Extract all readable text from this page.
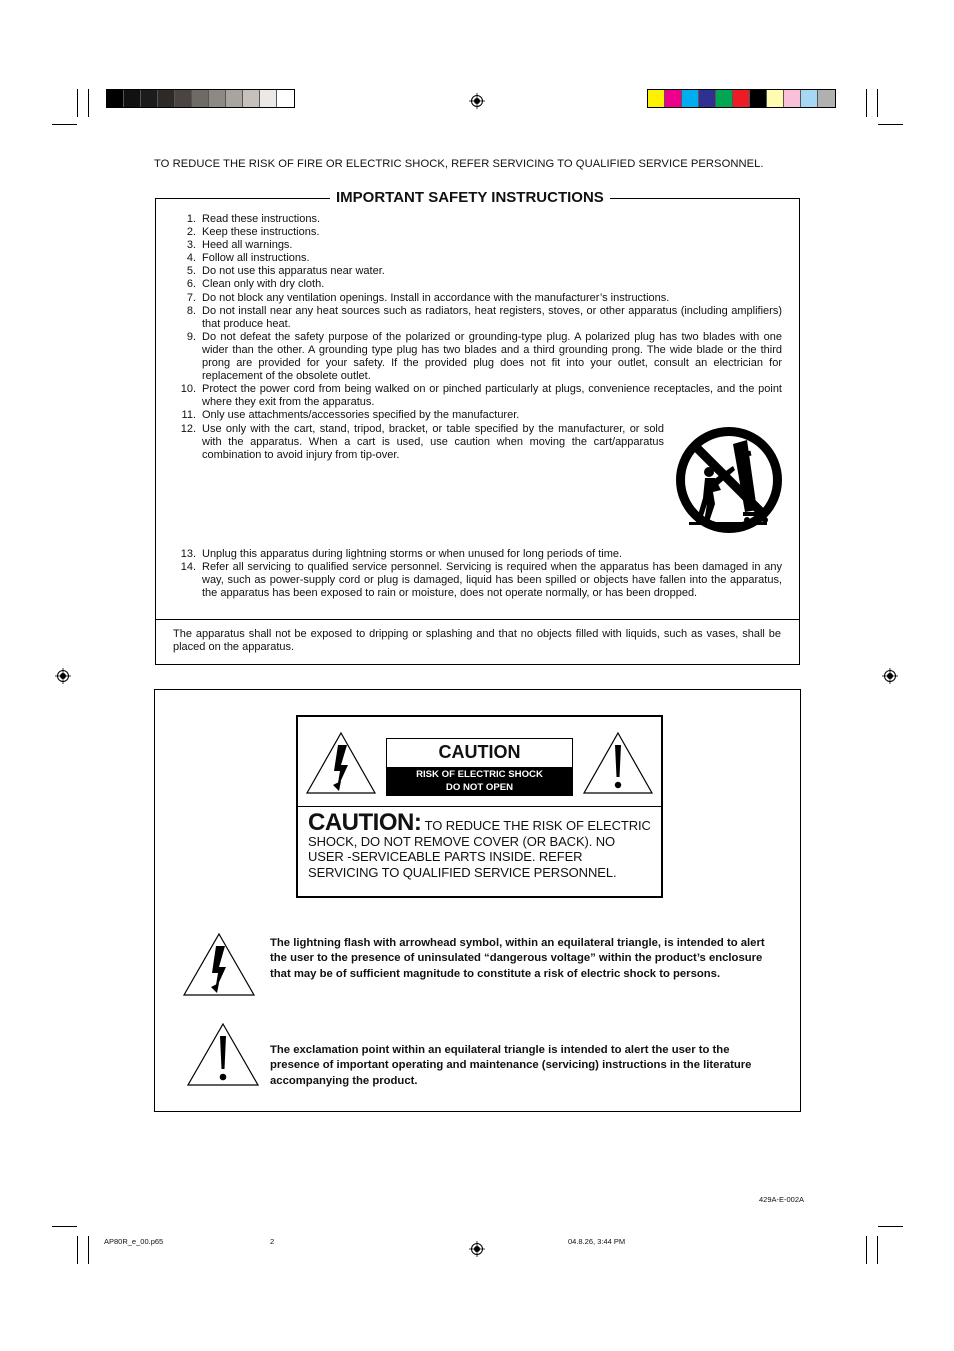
TO REDUCE THE RISK OF FIRE OR ELECTRIC SHOCK, REFER SERVICING TO QUALIFIED SERVICE PERSONNEL.
IMPORTANT SAFETY INSTRUCTIONS
1. Read these instructions.
2. Keep these instructions.
3. Heed all warnings.
4. Follow all instructions.
5. Do not use this apparatus near water.
6. Clean only with dry cloth.
7. Do not block any ventilation openings. Install in accordance with the manufacturer’s instructions.
8. Do not install near any heat sources such as radiators, heat registers, stoves, or other apparatus (including amplifiers) that produce heat.
9. Do not defeat the safety purpose of the polarized or grounding-type plug. A polarized plug has two blades with one wider than the other. A grounding type plug has two blades and a third grounding prong. The wide blade or the third prong are provided for your safety. If the provided plug does not fit into your outlet, consult an electrician for replacement of the obsolete outlet.
10. Protect the power cord from being walked on or pinched particularly at plugs, convenience receptacles, and the point where they exit from the apparatus.
11. Only use attachments/accessories specified by the manufacturer.
12. Use only with the cart, stand, tripod, bracket, or table specified by the manufacturer, or sold with the apparatus. When a cart is used, use caution when moving the cart/apparatus combination to avoid injury from tip-over.
13. Unplug this apparatus during lightning storms or when unused for long periods of time.
14. Refer all servicing to qualified service personnel. Servicing is required when the apparatus has been damaged in any way, such as power-supply cord or plug is damaged, liquid has been spilled or objects have fallen into the apparatus, the apparatus has been exposed to rain or moisture, does not operate normally, or has been dropped.
The apparatus shall not be exposed to dripping or splashing and that no objects filled with liquids, such as vases, shall be placed on the apparatus.
CAUTION
RISK OF ELECTRIC SHOCK
DO NOT OPEN
CAUTION: TO REDUCE THE RISK OF ELECTRIC SHOCK, DO NOT REMOVE COVER (OR BACK). NO USER -SERVICEABLE PARTS INSIDE. REFER SERVICING TO QUALIFIED SERVICE PERSONNEL.
The lightning flash with arrowhead symbol, within an equilateral triangle, is intended to alert the user to the presence of uninsulated “dangerous voltage” within the product’s enclosure that may be of sufficient magnitude to constitute a risk of electric shock to persons.
The exclamation point within an equilateral triangle is intended to alert the user to the presence of important operating and maintenance (servicing) instructions in the literature accompanying the product.
429A-E-002A
AP80R_e_00.p65	2	04.8.26, 3:44 PM
